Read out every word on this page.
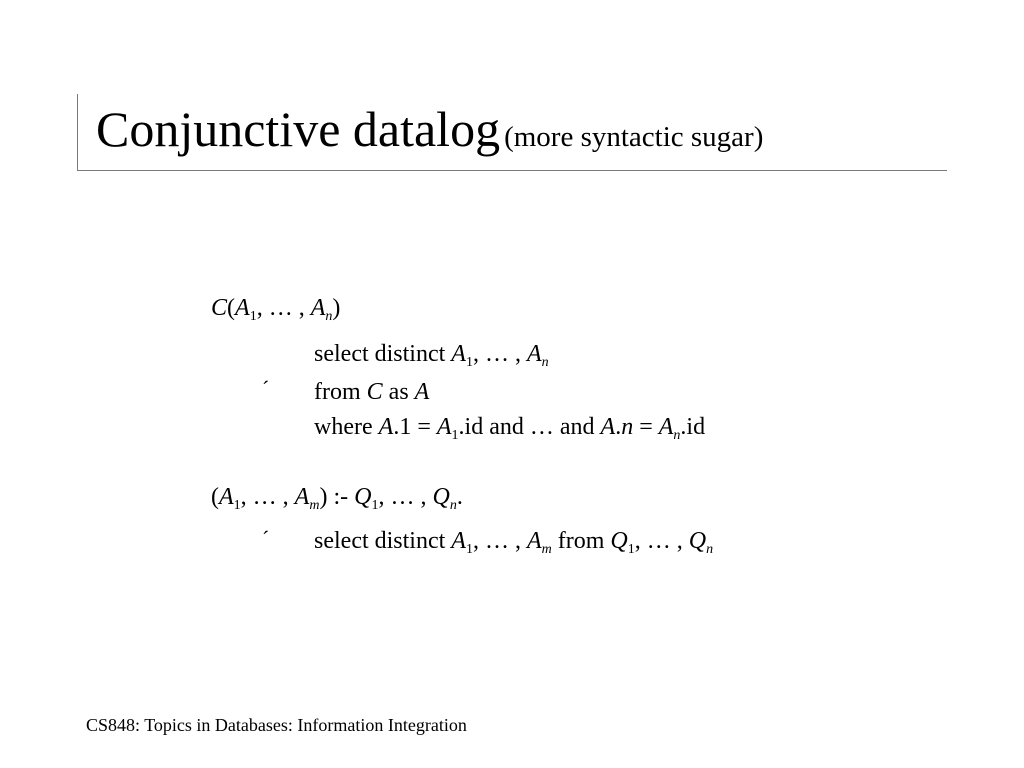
Conjunctive datalog (more syntactic sugar)
$C(A_1$, … , $A_n$)
´
select distinct $A_1$, … , $A_n$
from C as A
where $A.1 = A_1.id$ and … and $A.n = A_n.id$
($A_1$, … , $A_m$) :- $Q_1$, … , $Q_n$.
´ select distinct $A_1$, … , $A_m$ from $Q_1$, … , $Q_n$
CS848: Topics in Databases: Information Integration
